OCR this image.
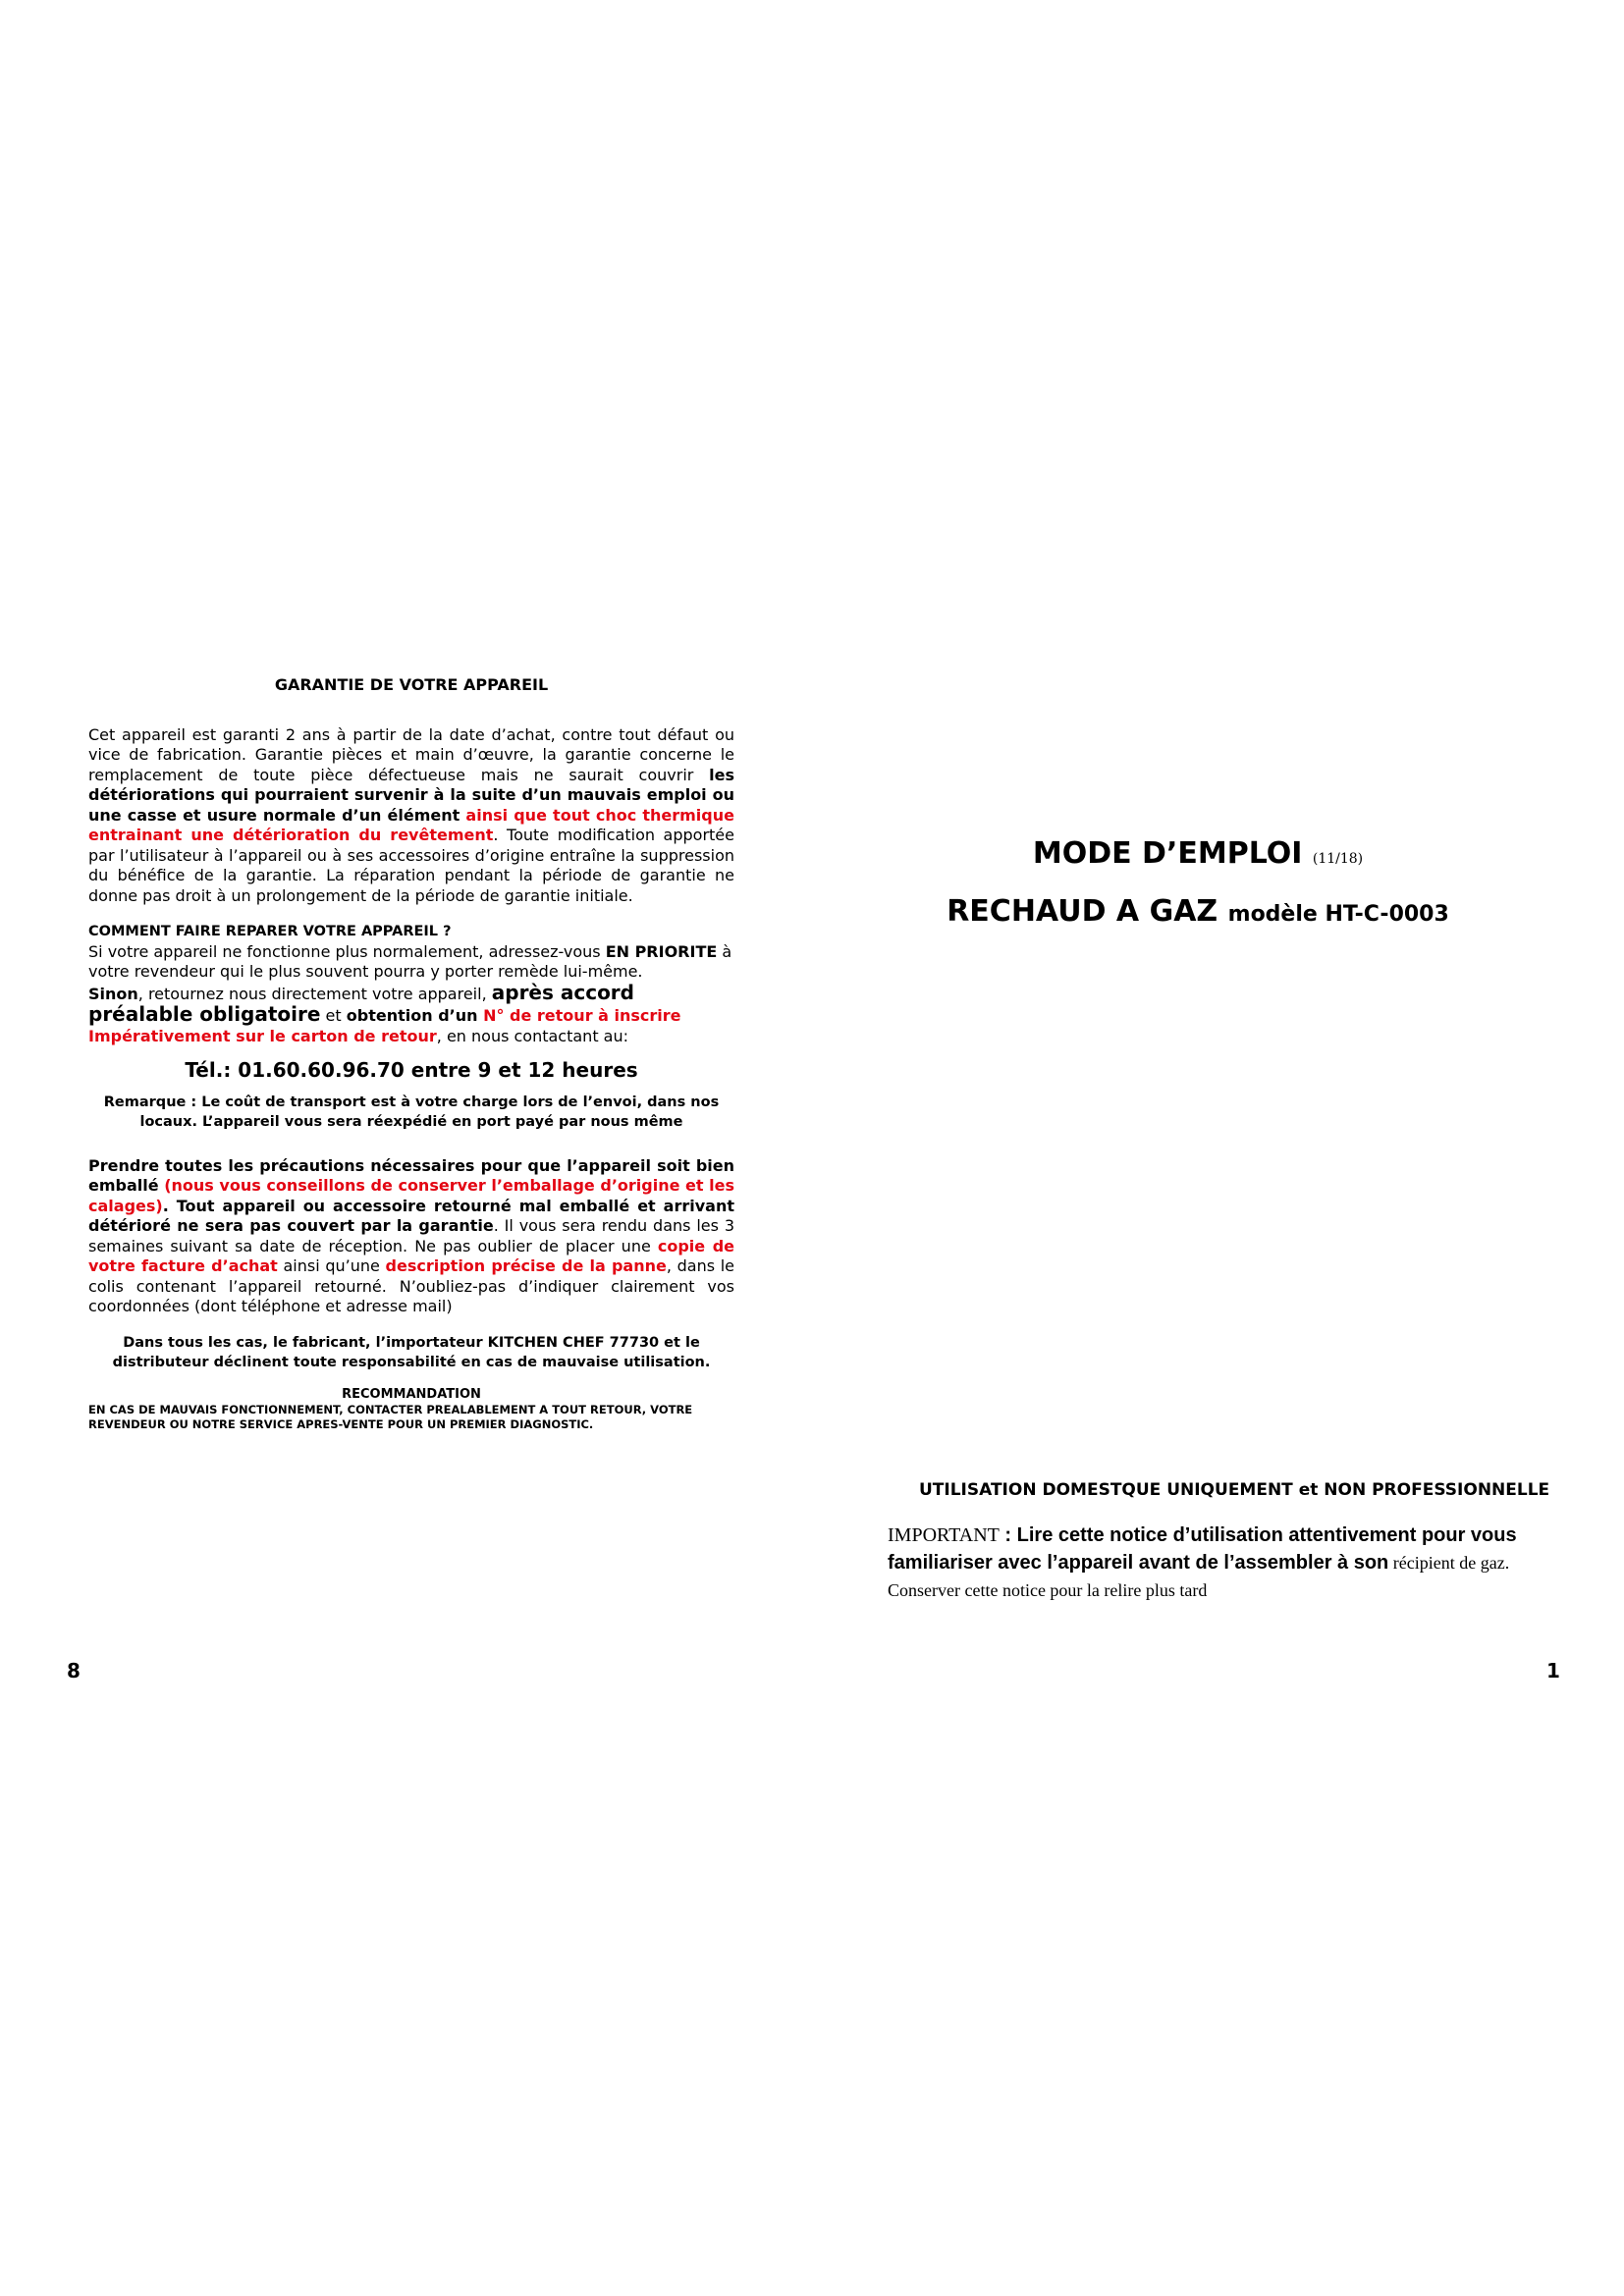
GARANTIE DE VOTRE APPAREIL

Cet appareil est garanti 2 ans à partir de la date d’achat, contre tout défaut ou vice de fabrication. Garantie pièces et main d’œuvre, la garantie concerne le remplacement de toute pièce défectueuse mais ne saurait couvrir les détériorations qui pourraient survenir à la suite d’un mauvais emploi ou une casse et usure normale d’un élément ainsi que tout choc thermique entrainant une détérioration du revêtement. Toute modification apportée par l’utilisateur à l’appareil ou à ses accessoires d’origine entraîne la suppression du bénéfice de la garantie. La réparation pendant la période de garantie ne donne pas droit à un prolongement de la période de garantie initiale.

COMMENT FAIRE REPARER VOTRE APPAREIL ?

Si votre appareil ne fonctionne plus normalement, adressez-vous EN PRIORITE à votre revendeur qui le plus souvent pourra y porter remède lui-même.
Sinon, retournez nous directement votre appareil, après accord préalable obligatoire et obtention d’un N° de retour à inscrire Impérativement sur le carton de retour, en nous contactant au:

Tél.: 01.60.60.96.70 entre 9 et 12 heures

Remarque : Le coût de transport est à votre charge lors de l’envoi, dans nos locaux. L’appareil vous sera réexpédié en port payé par nous même

Prendre toutes les précautions nécessaires pour que l’appareil soit bien emballé (nous vous conseillons de conserver l’emballage d’origine et les calages). Tout appareil ou accessoire retourné mal emballé et arrivant détérioré ne sera pas couvert par la garantie. Il vous sera rendu dans les 3 semaines suivant sa date de réception. Ne pas oublier de placer une copie de votre facture d’achat ainsi qu’une description précise de la panne, dans le colis contenant l’appareil retourné. N’oubliez-pas d’indiquer clairement vos coordonnées (dont téléphone et adresse mail)

Dans tous les cas, le fabricant, l’importateur KITCHEN CHEF 77730 et le distributeur déclinent toute responsabilité en cas de mauvaise utilisation.

RECOMMANDATION

EN CAS DE MAUVAIS FONCTIONNEMENT, CONTACTER PREALABLEMENT A TOUT RETOUR, VOTRE REVENDEUR OU NOTRE SERVICE APRES-VENTE POUR UN PREMIER DIAGNOSTIC.

MODE D’EMPLOI (11/18)

RECHAUD A GAZ modèle HT-C-0003

UTILISATION DOMESTQUE UNIQUEMENT et NON PROFESSIONNELLE
IMPORTANT : Lire cette notice d’utilisation attentivement pour vous familiariser avec l’appareil avant de l’assembler à son récipient de gaz. Conserver cette notice pour la relire plus tard
8	1
